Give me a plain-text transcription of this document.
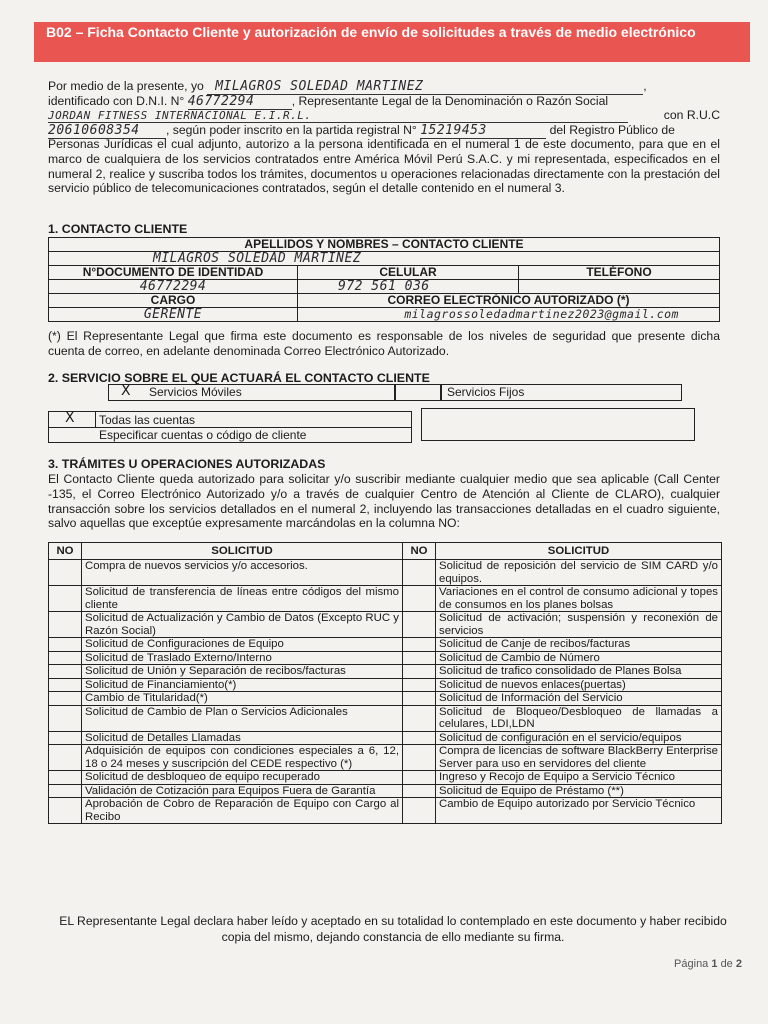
B02 – Ficha Contacto Cliente y autorización de envío de solicitudes a través de medio electrónico
Por medio de la presente, yo MILAGROS SOLEDAD MARTINEZ	,
identificado con D.N.I. N° 46772294	, Representante Legal de la Denominación o Razón Social
JORDAN FITNESS INTERNACIONAL E.I.R.L.	con R.U.C
20610608354 , según poder inscrito en la partida registral N° 15219453	del Registro Público de
Personas Jurídicas el cual adjunto, autorizo a la persona identificada en el numeral 1 de este documento, para que en el marco de cualquiera de los servicios contratados entre América Móvil Perú S.A.C. y mi representada, especificados en el numeral 2, realice y suscriba todos los trámites, documentos u operaciones relacionadas directamente con la prestación del servicio público de telecomunicaciones contratados, según el detalle contenido en el numeral 3.
1. CONTACTO CLIENTE
APELLIDOS Y NOMBRES – CONTACTO CLIENTE		
MILAGROS SOLEDAD MARTINEZ		
N°DOCUMENTO DE IDENTIDAD	CELULAR	TELÉFONO
46772294	972 561 036	
CARGO	CORREO ELECTRÓNICO AUTORIZADO (*)	
GERENTE	milagrossoledadmartinez2023@gmail.com	
(*) El Representante Legal que firma este documento es responsable de los niveles de seguridad que presente dicha cuenta de correo, en adelante denominada Correo Electrónico Autorizado.
2. SERVICIO SOBRE EL QUE ACTUARÁ EL CONTACTO CLIENTE
X Servicios Móviles	Servicios Fijos
X Todas las cuentas
Especificar cuentas o código de cliente
3. TRÁMITES U OPERACIONES AUTORIZADAS
El Contacto Cliente queda autorizado para solicitar y/o suscribir mediante cualquier medio que sea aplicable (Call Center -135, el Correo Electrónico Autorizado y/o a través de cualquier Centro de Atención al Cliente de CLARO), cualquier transacción sobre los servicios detallados en el numeral 2, incluyendo las transacciones detalladas en el cuadro siguiente, salvo aquellas que exceptúe expresamente marcándolas en la columna NO:
NO	SOLICITUD	NO	SOLICITUD
	Compra de nuevos servicios y/o accesorios.		Solicitud de reposición del servicio de SIM CARD y/o equipos.
	Solicitud de transferencia de líneas entre códigos del mismo cliente		Variaciones en el control de consumo adicional y topes de consumos en los planes bolsas
	Solicitud de Actualización y Cambio de Datos (Excepto RUC y Razón Social)		Solicitud de activación; suspensión y reconexión de servicios
	Solicitud de Configuraciones de Equipo		Solicitud de Canje de recibos/facturas
	Solicitud de Traslado Externo/Interno		Solicitud de Cambio de Número
	Solicitud de Unión y Separación de recibos/facturas		Solicitud de trafico consolidado de Planes Bolsa
	Solicitud de Financiamiento(*)		Solicitud de nuevos enlaces(puertas)
	Cambio de Titularidad(*)		Solicitud de Información del Servicio
	Solicitud de Cambio de Plan o Servicios Adicionales		Solicitud de Bloqueo/Desbloqueo de llamadas a celulares, LDI,LDN
	Solicitud de Detalles Llamadas		Solicitud de configuración en el servicio/equipos
	Adquisición de equipos con condiciones especiales a 6, 12, 18 o 24 meses y suscripción del CEDE respectivo (*)		Compra de licencias de software BlackBerry Enterprise Server para uso en servidores del cliente
	Solicitud de desbloqueo de equipo recuperado		Ingreso y Recojo de Equipo a Servicio Técnico
	Validación de Cotización para Equipos Fuera de Garantía		Solicitud de Equipo de Préstamo (**)
	Aprobación de Cobro de Reparación de Equipo con Cargo al Recibo		Cambio de Equipo autorizado por Servicio Técnico
EL Representante Legal declara haber leído y aceptado en su totalidad lo contemplado en este documento y haber recibido copia del mismo, dejando constancia de ello mediante su firma.
Página 1 de 2
